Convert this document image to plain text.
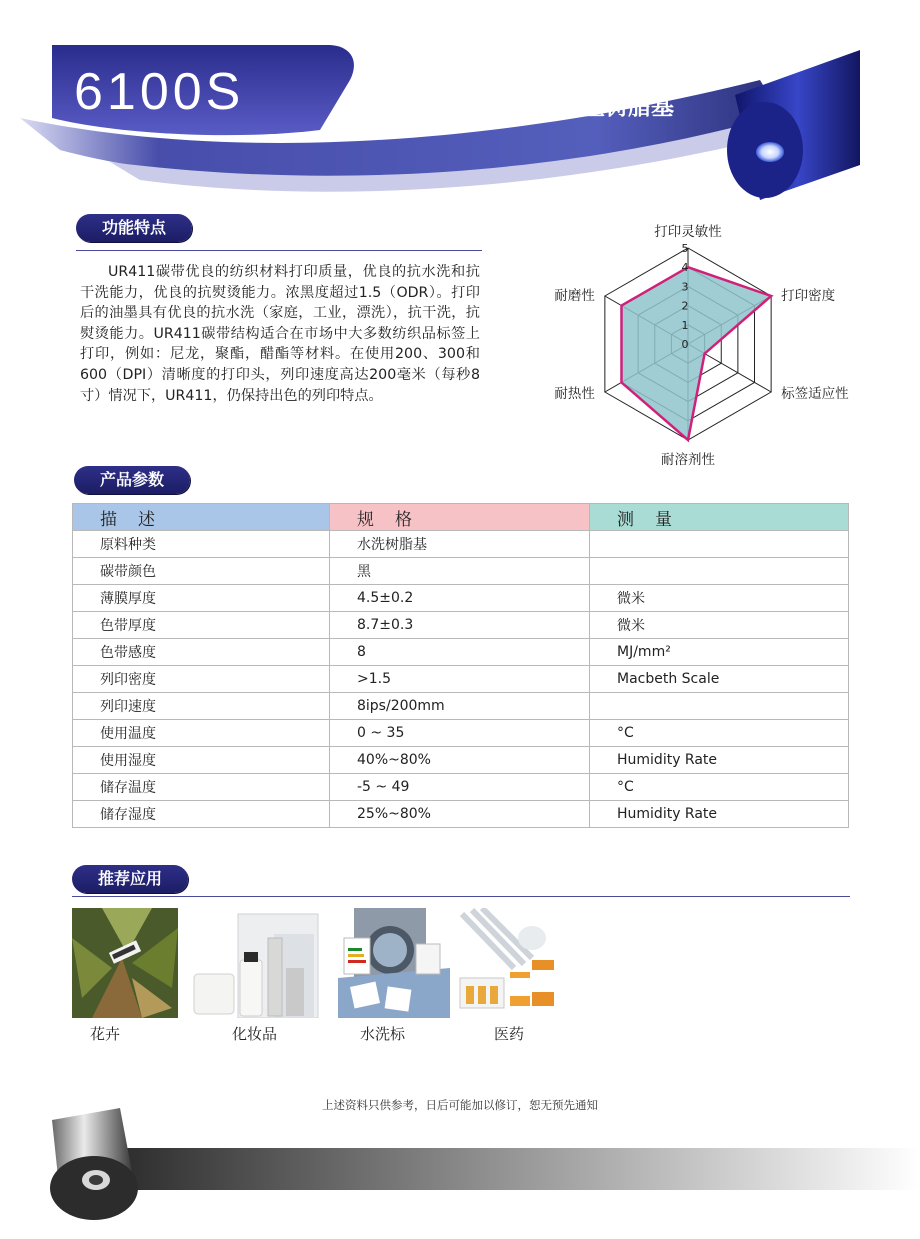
6100S	水洗型树脂基
功能特点

UR411碳带优良的纺织材料打印质量，优良的抗水洗和抗干洗能力，优良的抗熨烫能力。浓黑度超过1.5（ODR）。打印后的油墨具有优良的抗水洗（家庭，工业，漂洗），抗干洗，抗熨烫能力。UR411碳带结构适合在市场中大多数纺织品标签上打印，例如：尼龙，聚酯，醋酯等材料。在使用200、300和600（DPI）清晰度的打印头，列印速度高达200毫米（每秒8寸）情况下，UR411，仍保持出色的列印特点。

0
1
2
3
4
5
打印灵敏性
打印密度
标签适应性
耐溶剂性
耐热性
耐磨性
产品参数
描　述	规　格	测　量
原料种类	水洗树脂基	
碳带颜色	黑	
薄膜厚度	4.5±0.2	微米
色带厚度	8.7±0.3	微米
色带感度	8	MJ/mm²
列印密度	>1.5	Macbeth Scale
列印速度	8ips/200mm	
使用温度	0 ~ 35	°C
使用湿度	40%~80%	Humidity Rate
储存温度	-5 ~ 49	°C
储存湿度	25%~80%	Humidity Rate
推荐应用
花卉	化妆品	水洗标	医药
上述资料只供参考，日后可能加以修订，恕无预先通知
